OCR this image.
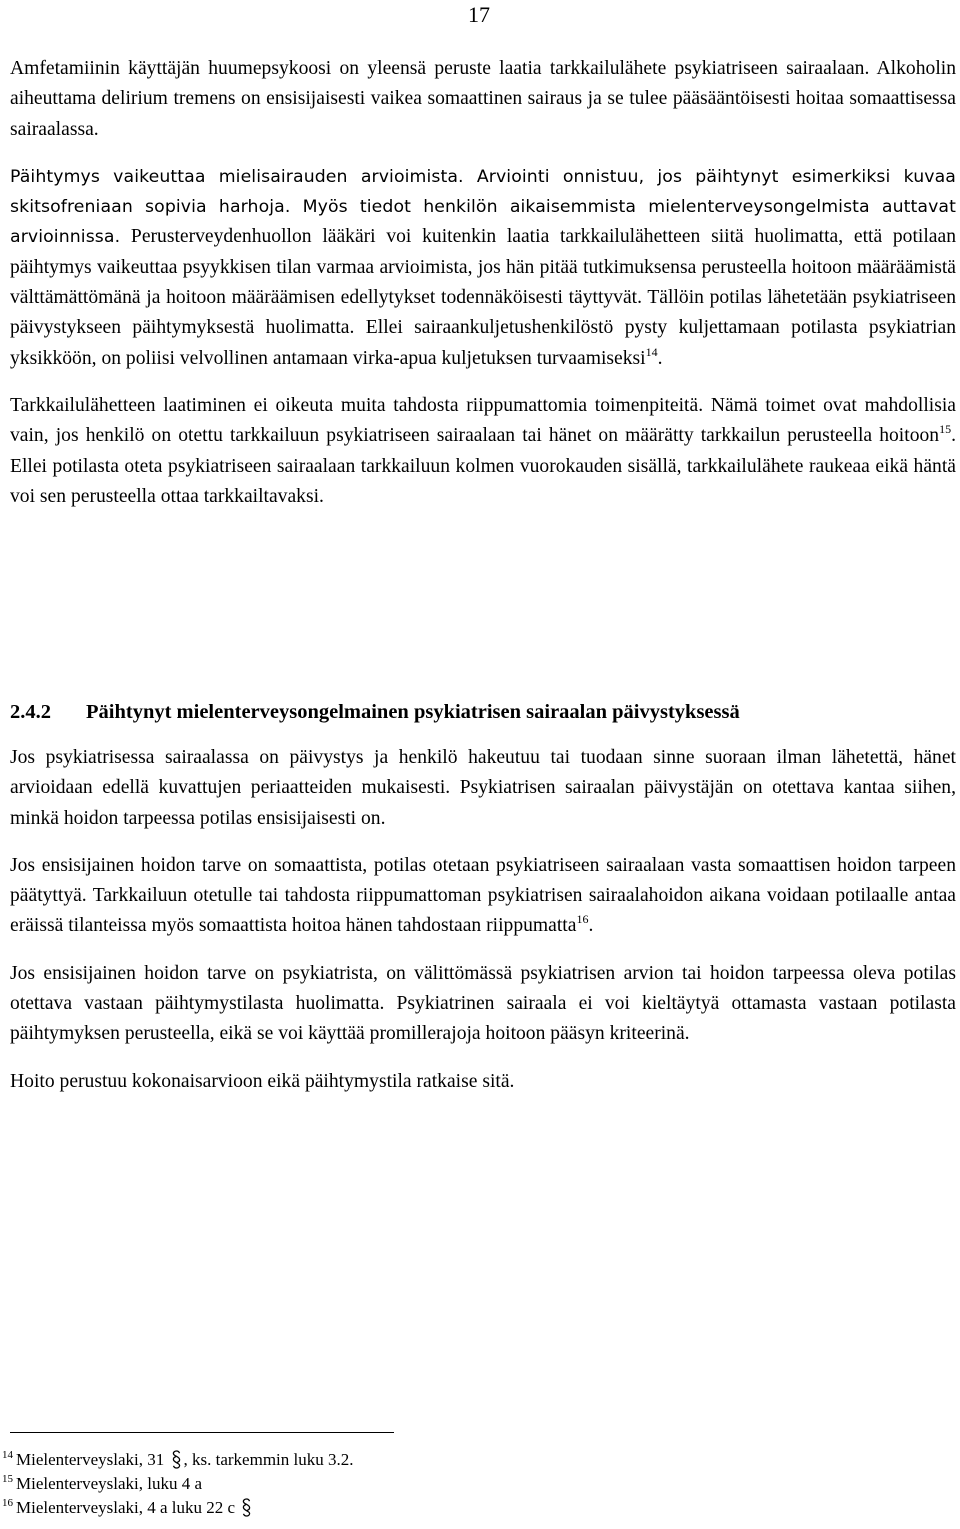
17

Amfetamiinin käyttäjän huumepsykoosi on yleensä peruste laatia tarkkailulähete psykiatriseen sairaalaan. Alkoholin aiheuttama delirium tremens on ensisijaisesti vaikea somaattinen sairaus ja se tulee pääsääntöisesti hoitaa somaattisessa sairaalassa.

Päihtymys vaikeuttaa mielisairauden arvioimista. Arviointi onnistuu, jos päihtynyt esimerkiksi kuvaa skitsofreniaan sopivia harhoja. Myös tiedot henkilön aikaisemmista mielenterveysongelmista auttavat arvioinnissa. Perusterveydenhuollon lääkäri voi kuitenkin laatia tarkkailulähetteen siitä huolimatta, että potilaan päihtymys vaikeuttaa psyykkisen tilan varmaa arvioimista, jos hän pitää tutkimuksensa perusteella hoitoon määräämistä välttämättömänä ja hoitoon määräämisen edellytykset todennäköisesti täyttyvät. Tällöin potilas lähetetään psykiatriseen päivystykseen päihtymyksestä huolimatta. Ellei sairaankuljetushenkilöstö pysty kuljettamaan potilasta psykiatrian yksikköön, on poliisi velvollinen antamaan virka-apua kuljetuksen turvaamiseksi$^{14}$.

Tarkkailulähetteen laatiminen ei oikeuta muita tahdosta riippumattomia toimenpiteitä. Nämä toimet ovat mahdollisia vain, jos henkilö on otettu tarkkailuun psykiatriseen sairaalaan tai hänet on määrätty tarkkailun perusteella hoitoon$^{15}$. Ellei potilasta oteta psykiatriseen sairaalaan tarkkailuun kolmen vuorokauden sisällä, tarkkailulähete raukeaa eikä häntä voi sen perusteella ottaa tarkkailtavaksi.

2.4.2 Päihtynyt mielenterveysongelmainen psykiatrisen sairaalan päivystyksessä

Jos psykiatrisessa sairaalassa on päivystys ja henkilö hakeutuu tai tuodaan sinne suoraan ilman lähetettä, hänet arvioidaan edellä kuvattujen periaatteiden mukaisesti. Psykiatrisen sairaalan päivystäjän on otettava kantaa siihen, minkä hoidon tarpeessa potilas ensisijaisesti on.

Jos ensisijainen hoidon tarve on somaattista, potilas otetaan psykiatriseen sairaalaan vasta somaattisen hoidon tarpeen päätyttyä. Tarkkailuun otetulle tai tahdosta riippumattoman psykiatrisen sairaalahoidon aikana voidaan potilaalle antaa eräissä tilanteissa myös somaattista hoitoa hänen tahdostaan riippumatta$^{16}$.

Jos ensisijainen hoidon tarve on psykiatrista, on välittömässä psykiatrisen arvion tai hoidon tarpeessa oleva potilas otettava vastaan päihtymystilasta huolimatta. Psykiatrinen sairaala ei voi kieltäytyä ottamasta vastaan potilasta päihtymyksen perusteella, eikä se voi käyttää promillerajoja hoitoon pääsyn kriteerinä.

Hoito perustuu kokonaisarvioon eikä päihtymystila ratkaise sitä.

$^{14}$ Mielenterveyslaki, 31 , ks. tarkemmin luku 3.2.

$^{15}$ Mielenterveyslaki, luku 4 a

$^{16}$ Mielenterveyslaki, 4 a luku 22 c
